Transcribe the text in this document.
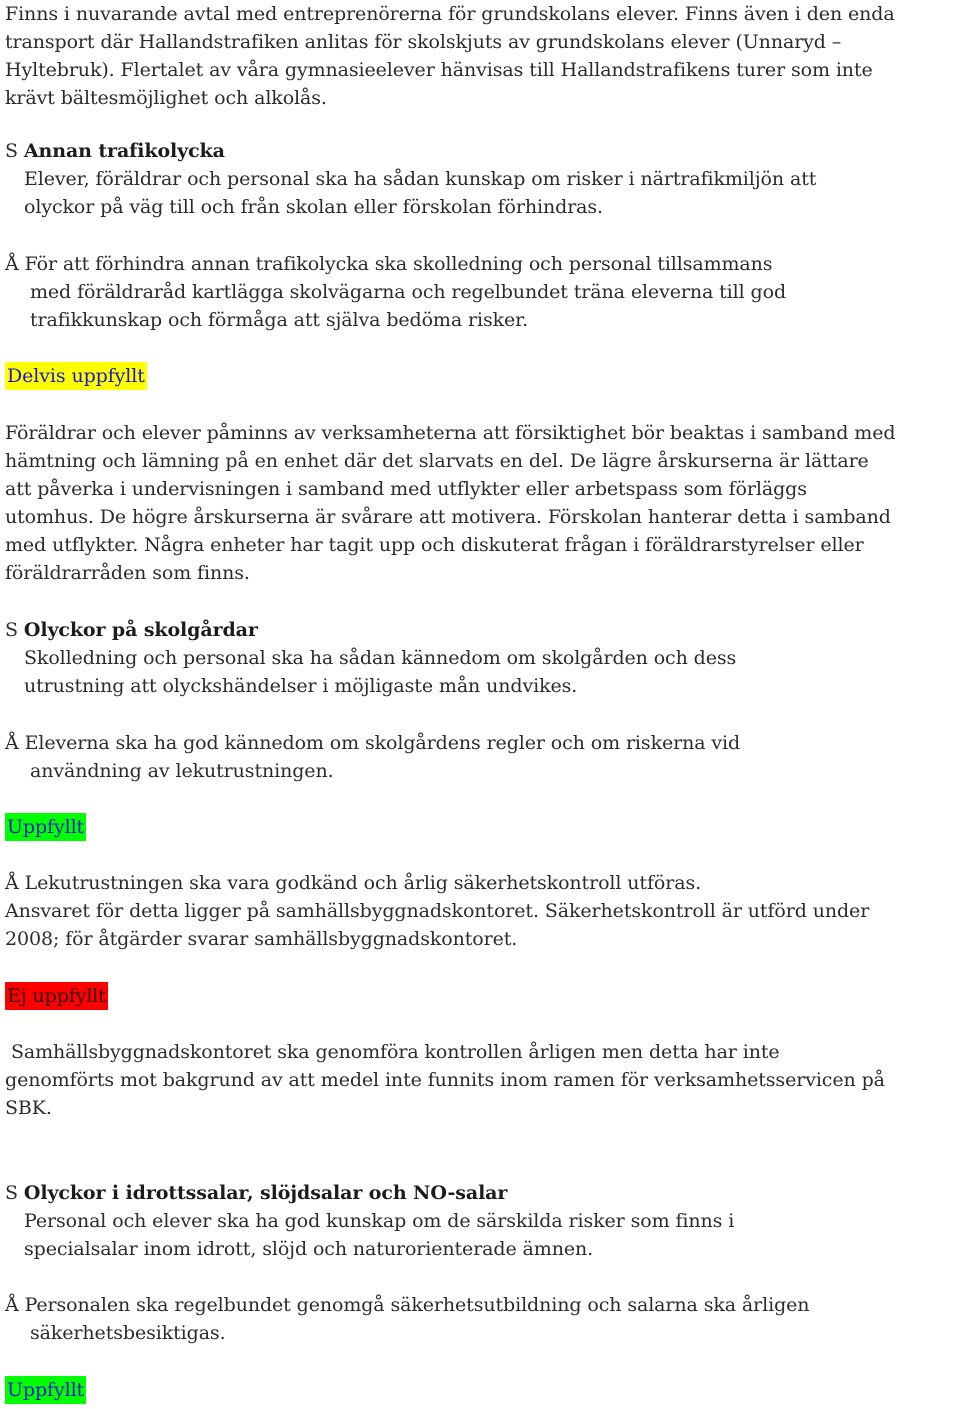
Finns i nuvarande avtal med entreprenörerna för grundskolans elever. Finns även i den enda
transport där Hallandstrafiken anlitas för skolskjuts av grundskolans elever (Unnaryd –
Hyltebruk). Flertalet av våra gymnasieelever hänvisas till Hallandstrafikens turer som inte
krävt bältesmöjlighet och alkolås.
S Annan trafikolycka
Elever, föräldrar och personal ska ha sådan kunskap om risker i närtrafikmiljön att
olyckor på väg till och från skolan eller förskolan förhindras.
Å För att förhindra annan trafikolycka ska skolledning och personal tillsammans
med föräldraråd kartlägga skolvägarna och regelbundet träna eleverna till god
trafikkunskap och förmåga att själva bedöma risker.
Delvis uppfyllt
Föräldrar och elever påminns av verksamheterna att försiktighet bör beaktas i samband med
hämtning och lämning på en enhet där det slarvats en del. De lägre årskurserna är lättare
att påverka i undervisningen i samband med utflykter eller arbetspass som förläggs
utomhus. De högre årskurserna är svårare att motivera. Förskolan hanterar detta i samband
med utflykter. Några enheter har tagit upp och diskuterat frågan i föräldrarstyrelser eller
föräldrarråden som finns.
S Olyckor på skolgårdar
Skolledning och personal ska ha sådan kännedom om skolgården och dess
utrustning att olyckshändelser i möjligaste mån undvikes.
Å Eleverna ska ha god kännedom om skolgårdens regler och om riskerna vid
användning av lekutrustningen.
Uppfyllt
Å Lekutrustningen ska vara godkänd och årlig säkerhetskontroll utföras.
Ansvaret för detta ligger på samhällsbyggnadskontoret. Säkerhetskontroll är utförd under
2008; för åtgärder svarar samhällsbyggnadskontoret.
Ej uppfyllt
Samhällsbyggnadskontoret ska genomföra kontrollen årligen men detta har inte
genomförts mot bakgrund av att medel inte funnits inom ramen för verksamhetsservicen på
SBK.
S Olyckor i idrottssalar, slöjdsalar och NO-salar
Personal och elever ska ha god kunskap om de särskilda risker som finns i
specialsalar inom idrott, slöjd och naturorienterade ämnen.
Å Personalen ska regelbundet genomgå säkerhetsutbildning och salarna ska årligen
säkerhetsbesiktigas.
Uppfyllt
